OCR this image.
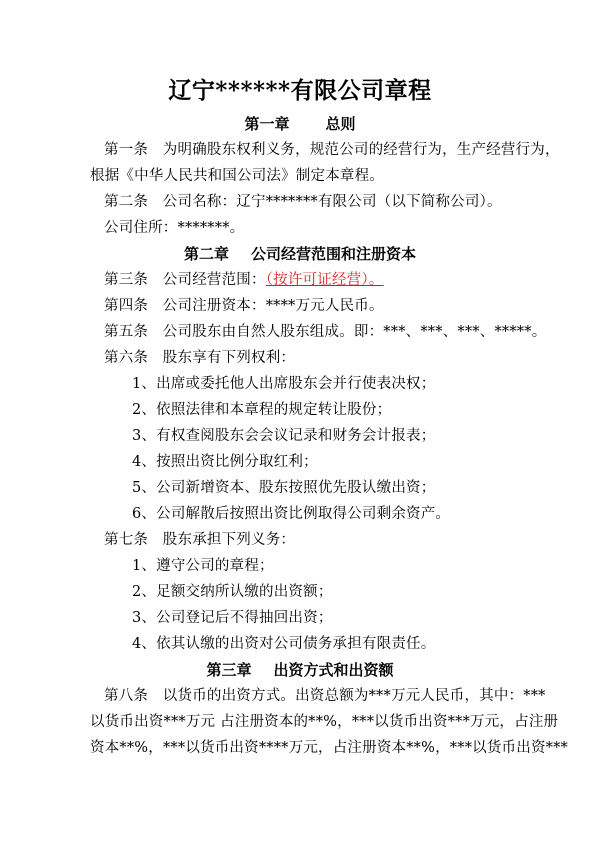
辽宁******有限公司章程
第一章 总则
第一条　为明确股东权利义务，规范公司的经营行为，生产经营行为，
根据《中华人民共和国公司法》制定本章程。
第二条　公司名称：辽宁*******有限公司（以下简称公司）。
公司住所：*******。
第二章 公司经营范围和注册资本
第三条　公司经营范围：（按许可证经营）。
第四条　公司注册资本：****万元人民币。
第五条　公司股东由自然人股东组成。即：***、***、***、*****。
第六条　股东享有下列权利：
1、出席或委托他人出席股东会并行使表决权；
2、依照法律和本章程的规定转让股份；
3、有权查阅股东会会议记录和财务会计报表；
4、按照出资比例分取红利；
5、公司新增资本、股东按照优先股认缴出资；
6、公司解散后按照出资比例取得公司剩余资产。
第七条　股东承担下列义务：
1、遵守公司的章程；
2、足额交纳所认缴的出资额；
3、公司登记后不得抽回出资；
4、依其认缴的出资对公司债务承担有限责任。
第三章 出资方式和出资额
第八条　以货币的出资方式。出资总额为***万元人民币，其中：***
以货币出资***万元 占注册资本的**%，***以货币出资***万元，占注册
资本**%，***以货币出资****万元，占注册资本**%，***以货币出资***
